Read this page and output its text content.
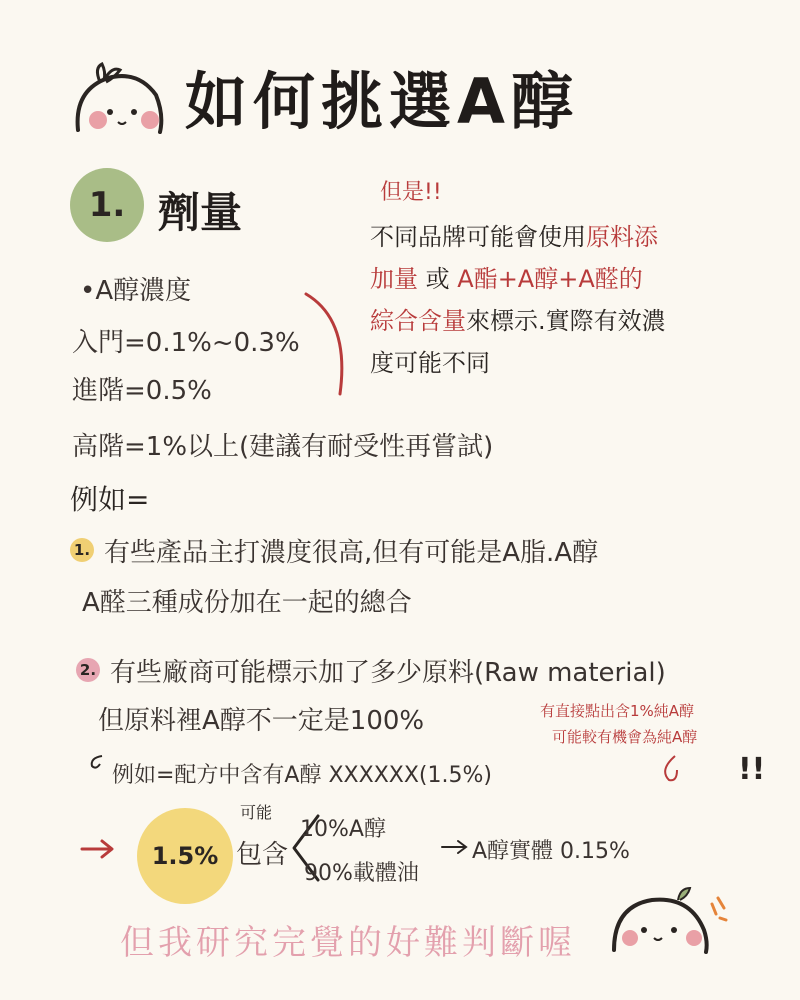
如何挑選A醇
1. 劑量
•A醇濃度
入門=0.1%~0.3%
進階=0.5%
高階=1%以上(建議有耐受性再嘗試)
但是!!
不同品牌可能會使用原料添
加量 或 A酯+A醇+A醛的
綜合含量來標示.實際有效濃
度可能不同
例如=
1. 有些產品主打濃度很高,但有可能是A脂.A醇
A醛三種成份加在一起的總合
2. 有些廠商可能標示加了多少原料(Raw material)
但原料裡A醇不一定是100%	有直接點出含1%純A醇
可能較有機會為純A醇
!!
例如=配方中含有A醇 XXXXXX(1.5%)
1.5%
可能
包含
10%A醇
90%載體油
A醇實體 0.15%
但我研究完覺的好難判斷喔
